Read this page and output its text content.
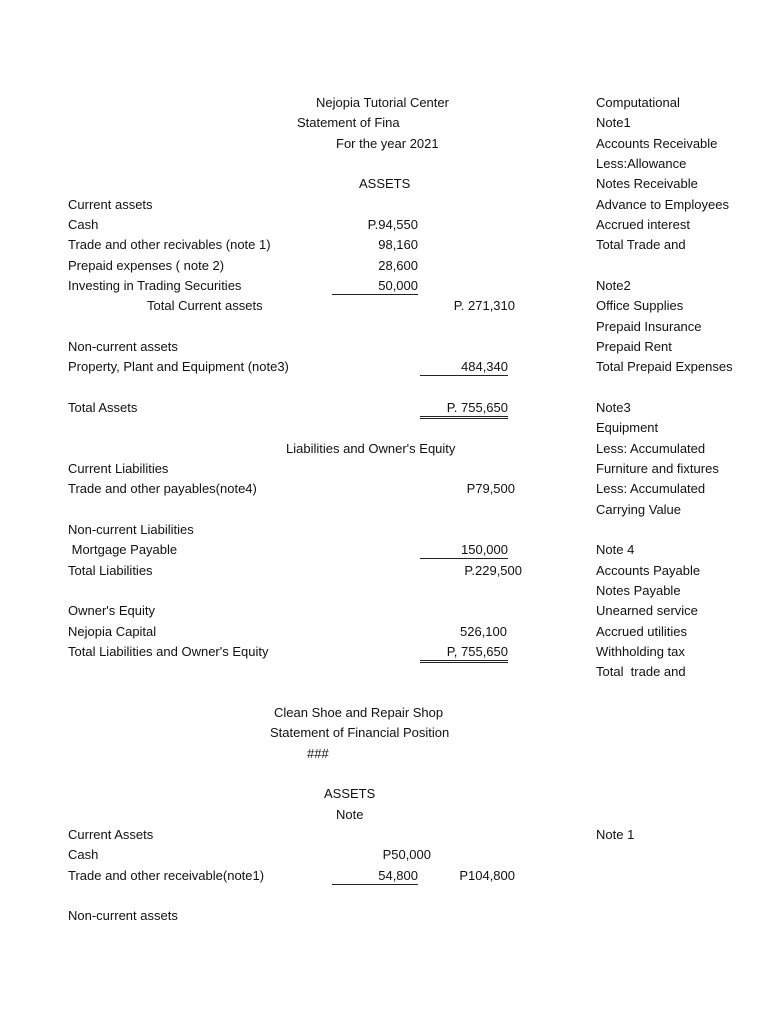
Nejopia Tutorial Center
Statement of Fina
For the year 2021
ASSETS
Current assets
Cash	P.94,550
Trade and other recivables (note 1)	98,160
Prepaid expenses ( note 2)	28,600
Investing in Trading Securities	50,000
Total Current assets	P. 271,310
Non-current assets
Property, Plant and Equipment (note3)	484,340
Total Assets	P. 755,650
Liabilities and Owner's Equity
Current Liabilities
Trade and other payables(note4)	P79,500
Non-current Liabilities
Mortgage Payable	150,000
Total Liabilities	P.229,500
Owner's Equity
Nejopia Capital	526,100
Total Liabilities and Owner's Equity	P, 755,650
Computational
Note1
Accounts Receivable
Less:Allowance
Notes Receivable
Advance to Employees
Accrued interest
Total Trade and
Note2
Office Supplies
Prepaid Insurance
Prepaid Rent
Total Prepaid Expenses
Note3
Equipment
Less: Accumulated
Furniture and fixtures
Less: Accumulated
Carrying Value
Note 4
Accounts Payable
Notes Payable
Unearned service
Accrued utilities
Withholding tax
Total  trade and
Note 1
Clean Shoe and Repair Shop
Statement of Financial Position
###
ASSETS
Note
Current Assets
Cash	P50,000
Trade and other receivable(note1)	54,800	P104,800
Non-current assets
